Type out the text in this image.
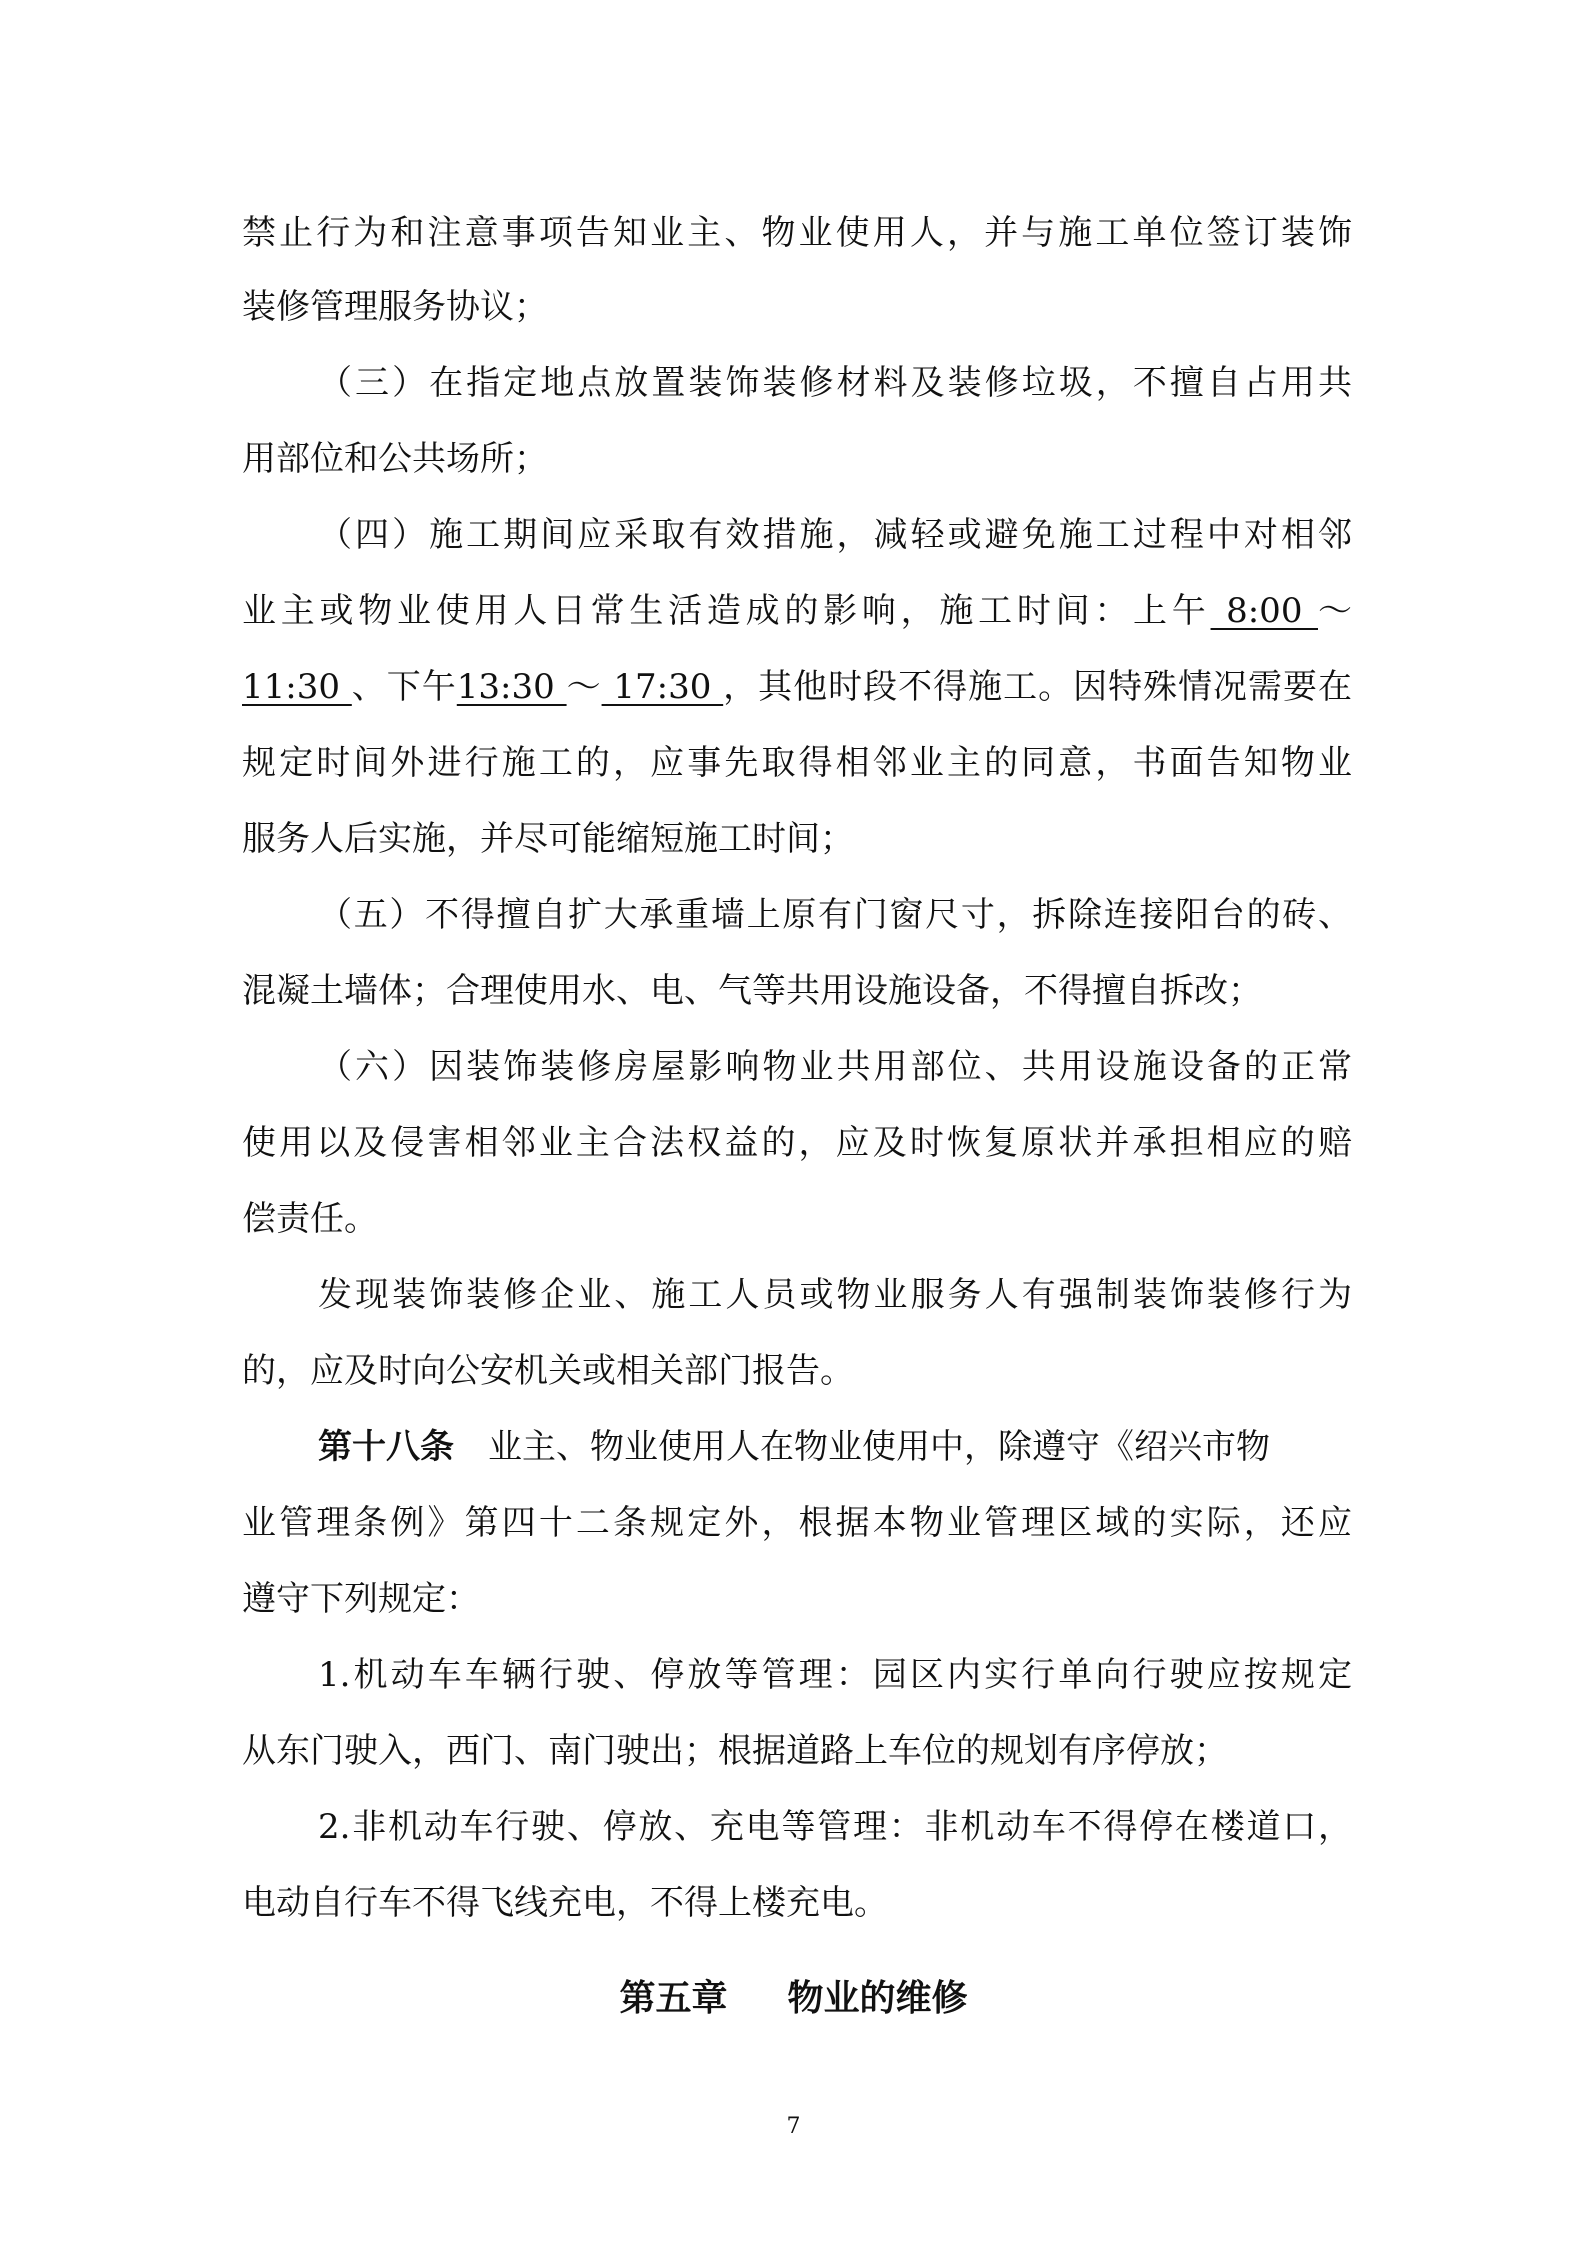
禁止行为和注意事项告知业主、物业使用人，并与施工单位签订装饰
装修管理服务协议；
（三）在指定地点放置装饰装修材料及装修垃圾，不擅自占用共
用部位和公共场所；
（四）施工期间应采取有效措施，减轻或避免施工过程中对相邻
业主或物业使用人日常生活造成的影响，施工时间：上午 8:00 ～
11:30 、下午13:30 ～ 17:30 ，其他时段不得施工。因特殊情况需要在
规定时间外进行施工的，应事先取得相邻业主的同意，书面告知物业
服务人后实施，并尽可能缩短施工时间；
（五）不得擅自扩大承重墙上原有门窗尺寸，拆除连接阳台的砖、
混凝土墙体；合理使用水、电、气等共用设施设备，不得擅自拆改；
（六）因装饰装修房屋影响物业共用部位、共用设施设备的正常
使用以及侵害相邻业主合法权益的，应及时恢复原状并承担相应的赔
偿责任。
发现装饰装修企业、施工人员或物业服务人有强制装饰装修行为
的，应及时向公安机关或相关部门报告。
第十八条 业主、物业使用人在物业使用中，除遵守《绍兴市物
业管理条例》第四十二条规定外，根据本物业管理区域的实际，还应
遵守下列规定：
1.机动车车辆行驶、停放等管理：园区内实行单向行驶应按规定
从东门驶入，西门、南门驶出；根据道路上车位的规划有序停放；
2.非机动车行驶、停放、充电等管理：非机动车不得停在楼道口，
电动自行车不得飞线充电，不得上楼充电。
第五章 物业的维修
7
